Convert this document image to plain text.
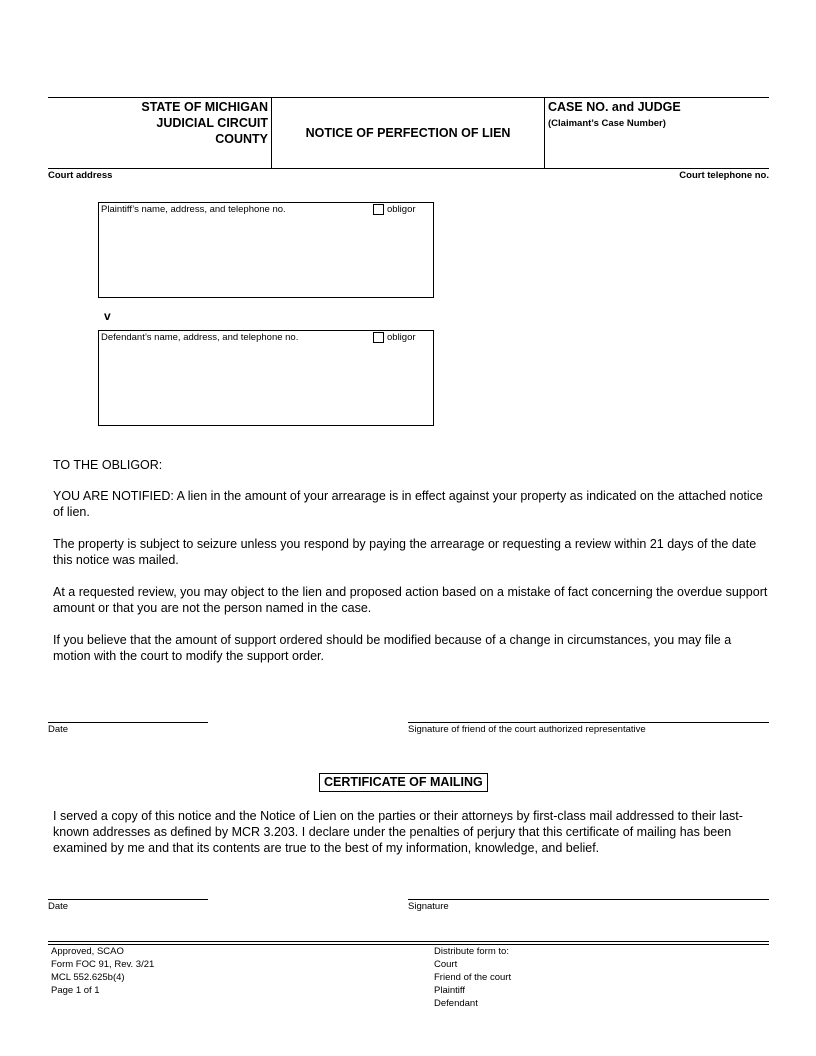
STATE OF MICHIGAN
JUDICIAL CIRCUIT
COUNTY	NOTICE OF PERFECTION OF LIEN
CASE NO. and JUDGE
(Claimant’s Case Number)
Court address	Court telephone no.
Plaintiff’s name, address, and telephone no.	obligor
v
Defendant’s name, address, and telephone no.	obligor
TO THE OBLIGOR:
YOU ARE NOTIFIED: A lien in the amount of your arrearage is in effect against your property as indicated on the attached notice of lien.
The property is subject to seizure unless you respond by paying the arrearage or requesting a review within 21 days of the date this notice was mailed.
At a requested review, you may object to the lien and proposed action based on a mistake of fact concerning the overdue support amount or that you are not the person named in the case.
If you believe that the amount of support ordered should be modified because of a change in circumstances, you may file a motion with the court to modify the support order.
Date	Signature of friend of the court authorized representative
CERTIFICATE OF MAILING
I served a copy of this notice and the Notice of Lien on the parties or their attorneys by first-class mail addressed to their last-known addresses as defined by MCR 3.203. I declare under the penalties of perjury that this certificate of mailing has been examined by me and that its contents are true to the best of my information, knowledge, and belief.
Date	Signature
Approved, SCAO
Form FOC 91, Rev. 3/21
MCL 552.625b(4)
Page 1 of 1
Distribute form to:
Court
Friend of the court
Plaintiff
Defendant
